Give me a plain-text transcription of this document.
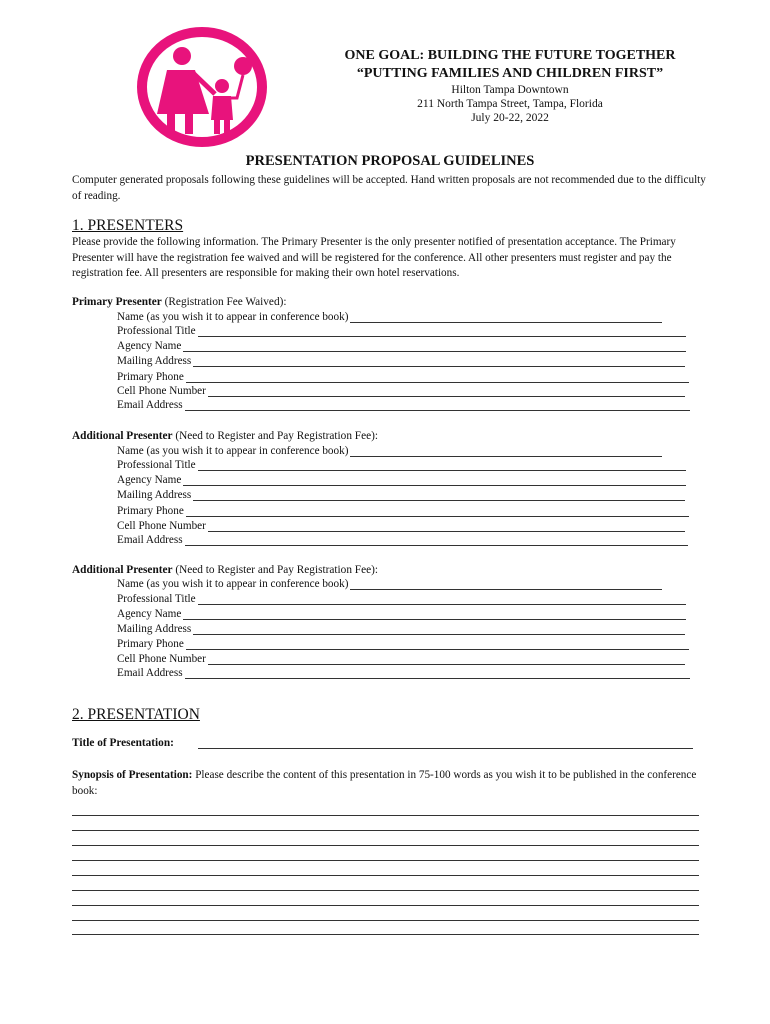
ONE GOAL: BUILDING THE FUTURE TOGETHER
“PUTTING FAMILIES AND CHILDREN FIRST”
Hilton Tampa Downtown
211 North Tampa Street, Tampa, Florida
July 20-22, 2022
PRESENTATION PROPOSAL GUIDELINES
Computer generated proposals following these guidelines will be accepted. Hand written proposals are not recommended due to the difficulty of reading.
1. PRESENTERS
Please provide the following information. The Primary Presenter is the only presenter notified of presentation acceptance. The Primary Presenter will have the registration fee waived and will be registered for the conference. All other presenters must register and pay the registration fee. All presenters are responsible for making their own hotel reservations.
Primary Presenter (Registration Fee Waived):
Name (as you wish it to appear in conference book)
Professional Title
Agency Name
Mailing Address
Primary Phone
Cell Phone Number
Email Address
Additional Presenter (Need to Register and Pay Registration Fee):
Name (as you wish it to appear in conference book)
Professional Title
Agency Name
Mailing Address
Primary Phone
Cell Phone Number
Email Address
Additional Presenter (Need to Register and Pay Registration Fee):
Name (as you wish it to appear in conference book)
Professional Title
Agency Name
Mailing Address
Primary Phone
Cell Phone Number
Email Address
2. PRESENTATION
Title of Presentation:
Synopsis of Presentation: Please describe the content of this presentation in 75-100 words as you wish it to be published in the conference book:
